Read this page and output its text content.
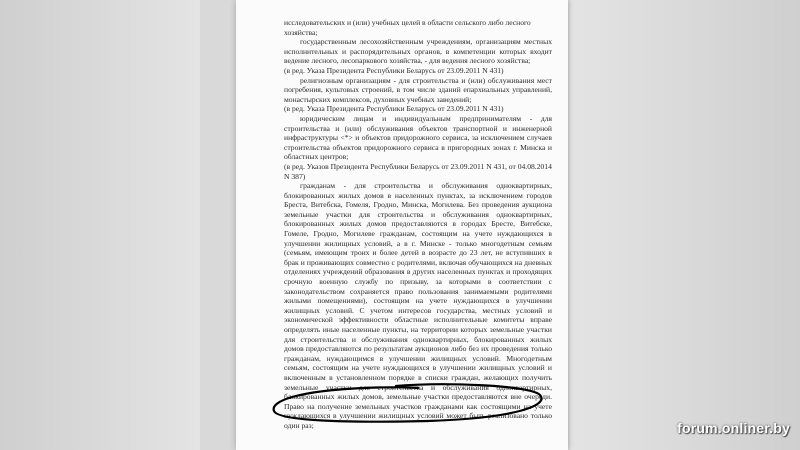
исследовательских и (или) учебных целей в области сельского либо лесного хозяйства;

государственным лесохозяйственным учреждениям, организациям местных исполнительных и распорядительных органов, в компетенции которых входит ведение лесного, лесопаркового хозяйства, - для ведения лесного хозяйства;

(в ред. Указа Президента Республики Беларусь от 23.09.2011 N 431)

религиозным организациям - для строительства и (или) обслуживания мест погребения, культовых строений, в том числе зданий епархиальных управлений, монастырских комплексов, духовных учебных заведений;

(в ред. Указа Президента Республики Беларусь от 23.09.2011 N 431)

юридическим лицам и индивидуальным предпринимателям - для строительства и (или) обслуживания объектов транспортной и инженерной инфраструктуры <*> и объектов придорожного сервиса, за исключением случаев строительства объектов придорожного сервиса в пригородных зонах г. Минска и областных центров;

(в ред. Указов Президента Республики Беларусь от 23.09.2011 N 431, от 04.08.2014 N 387)

гражданам - для строительства и обслуживания одноквартирных, блокированных жилых домов в населенных пунктах, за исключением городов Бреста, Витебска, Гомеля, Гродно, Минска, Могилева. Без проведения аукциона земельные участки для строительства и обслуживания одноквартирных, блокированных жилых домов предоставляются в городах Бресте, Витебске, Гомеле, Гродно, Могилеве гражданам, состоящим на учете нуждающихся в улучшении жилищных условий, а в г. Минске - только многодетным семьям (семьям, имеющим троих и более детей в возрасте до 23 лет, не вступивших в брак и проживающих совместно с родителями, включая обучающихся на дневных отделениях учреждений образования в других населенных пунктах и проходящих срочную военную службу по призыву, за которыми в соответствии с законодательством сохраняется право пользования занимаемыми родителями жилыми помещениями), состоящим на учете нуждающихся в улучшении жилищных условий. С учетом интересов государства, местных условий и экономической эффективности областные исполнительные комитеты вправе определять иные населенные пункты, на территории которых земельные участки для строительства и обслуживания одноквартирных, блокированных жилых домов предоставляются по результатам аукционов либо без их проведения только гражданам, нуждающимся в улучшении жилищных условий. Многодетным семьям, состоящим на учете нуждающихся в улучшении жилищных условий и включенным в установленном порядке в списки граждан, желающих получить земельные участки для строительства и обслуживания одноквартирных, блокированных жилых домов, земельные участки предоставляются вне очереди. Право на получение земельных участков гражданами как состоящими на учете нуждающихся в улучшении жилищных условий может быть реализовано только один раз;	forum.onliner.by
